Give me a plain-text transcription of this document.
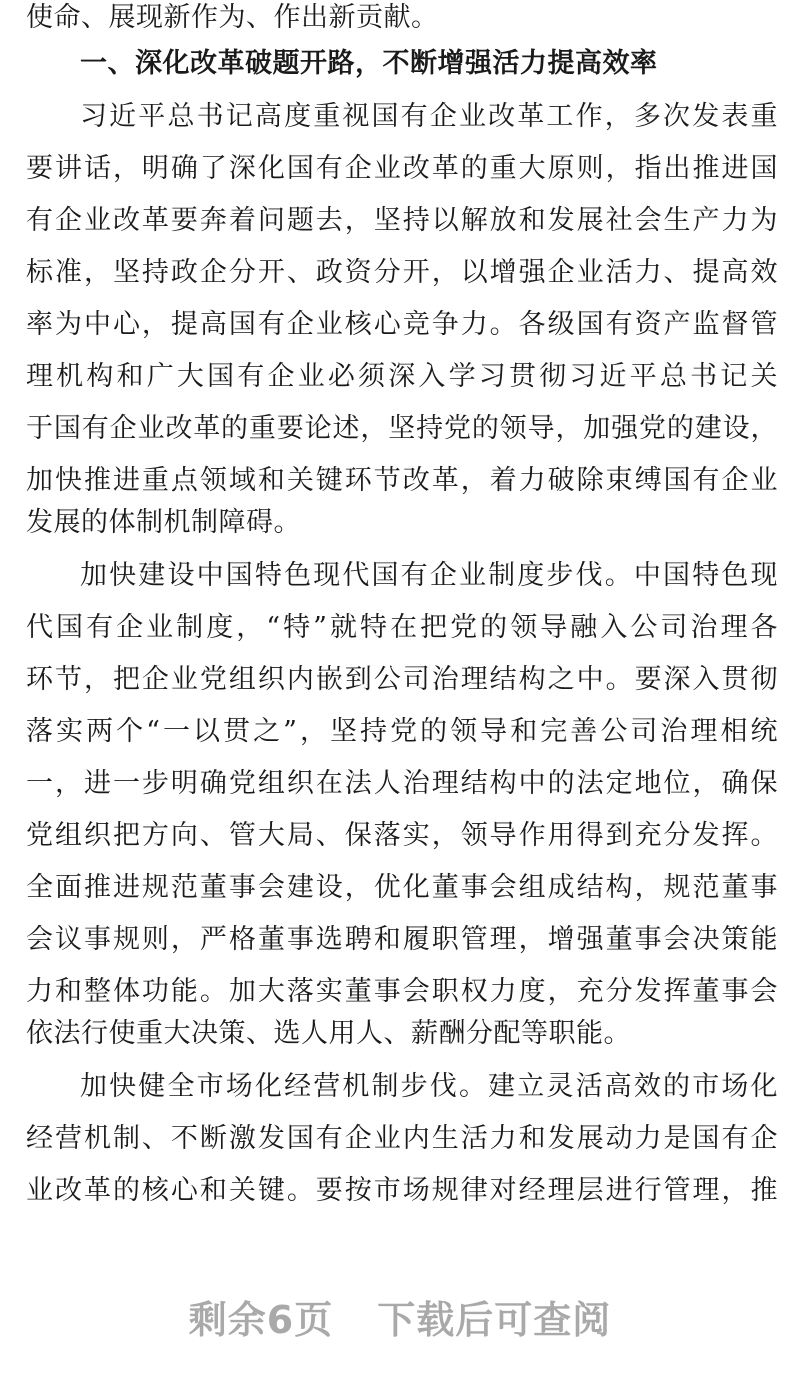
使命、展现新作为、作出新贡献。
一、深化改革破题开路，不断增强活力提高效率
习近平总书记高度重视国有企业改革工作，多次发表重
要讲话，明确了深化国有企业改革的重大原则，指出推进国
有企业改革要奔着问题去，坚持以解放和发展社会生产力为
标准，坚持政企分开、政资分开，以增强企业活力、提高效
率为中心，提高国有企业核心竞争力。各级国有资产监督管
理机构和广大国有企业必须深入学习贯彻习近平总书记关
于国有企业改革的重要论述，坚持党的领导，加强党的建设，
加快推进重点领域和关键环节改革，着力破除束缚国有企业
发展的体制机制障碍。
加快建设中国特色现代国有企业制度步伐。中国特色现
代国有企业制度，“特”就特在把党的领导融入公司治理各
环节，把企业党组织内嵌到公司治理结构之中。要深入贯彻
落实两个“一以贯之”，坚持党的领导和完善公司治理相统
一，进一步明确党组织在法人治理结构中的法定地位，确保
党组织把方向、管大局、保落实，领导作用得到充分发挥。
全面推进规范董事会建设，优化董事会组成结构，规范董事
会议事规则，严格董事选聘和履职管理，增强董事会决策能
力和整体功能。加大落实董事会职权力度，充分发挥董事会
依法行使重大决策、选人用人、薪酬分配等职能。
加快健全市场化经营机制步伐。建立灵活高效的市场化
经营机制、不断激发国有企业内生活力和发展动力是国有企
业改革的核心和关键。要按市场规律对经理层进行管理，推
剩余6页 下载后可查阅
